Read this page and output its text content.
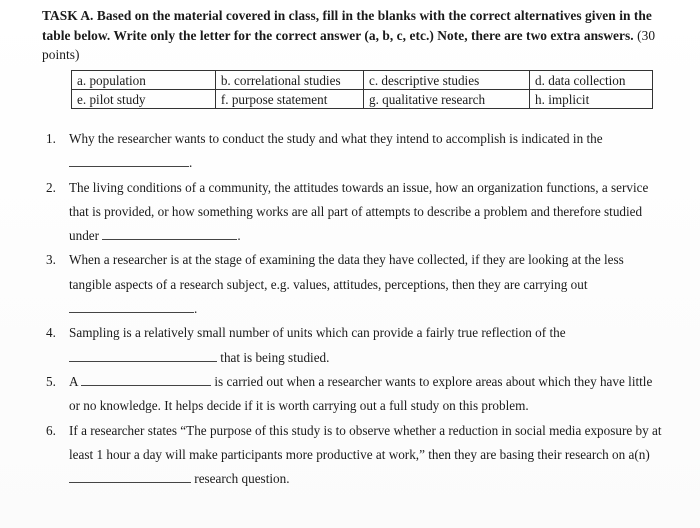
TASK A. Based on the material covered in class, fill in the blanks with the correct alternatives given in the table below. Write only the letter for the correct answer (a, b, c, etc.) Note, there are two extra answers. (30 points)
a. population	b. correlational studies	c. descriptive studies	d. data collection
e. pilot study	f. purpose statement	g. qualitative research	h. implicit
1. Why the researcher wants to conduct the study and what they intend to accomplish is indicated in the .
2. The living conditions of a community, the attitudes towards an issue, how an organization functions, a service that is provided, or how something works are all part of attempts to describe a problem and therefore studied under	.
3. When a researcher is at the stage of examining the data they have collected, if they are looking at the less tangible aspects of a research subject, e.g. values, attitudes, perceptions, then they are carrying out .
4. Sampling is a relatively small number of units which can provide a fairly true reflection of the  that is being studied.
5. A	is carried out when a researcher wants to explore areas about which they have little or no knowledge. It helps decide if it is worth carrying out a full study on this problem.
6. If a researcher states “The purpose of this study is to observe whether a reduction in social media exposure by at least 1 hour a day will make participants more productive at work,” then they are basing their research on a(n)  research question.
